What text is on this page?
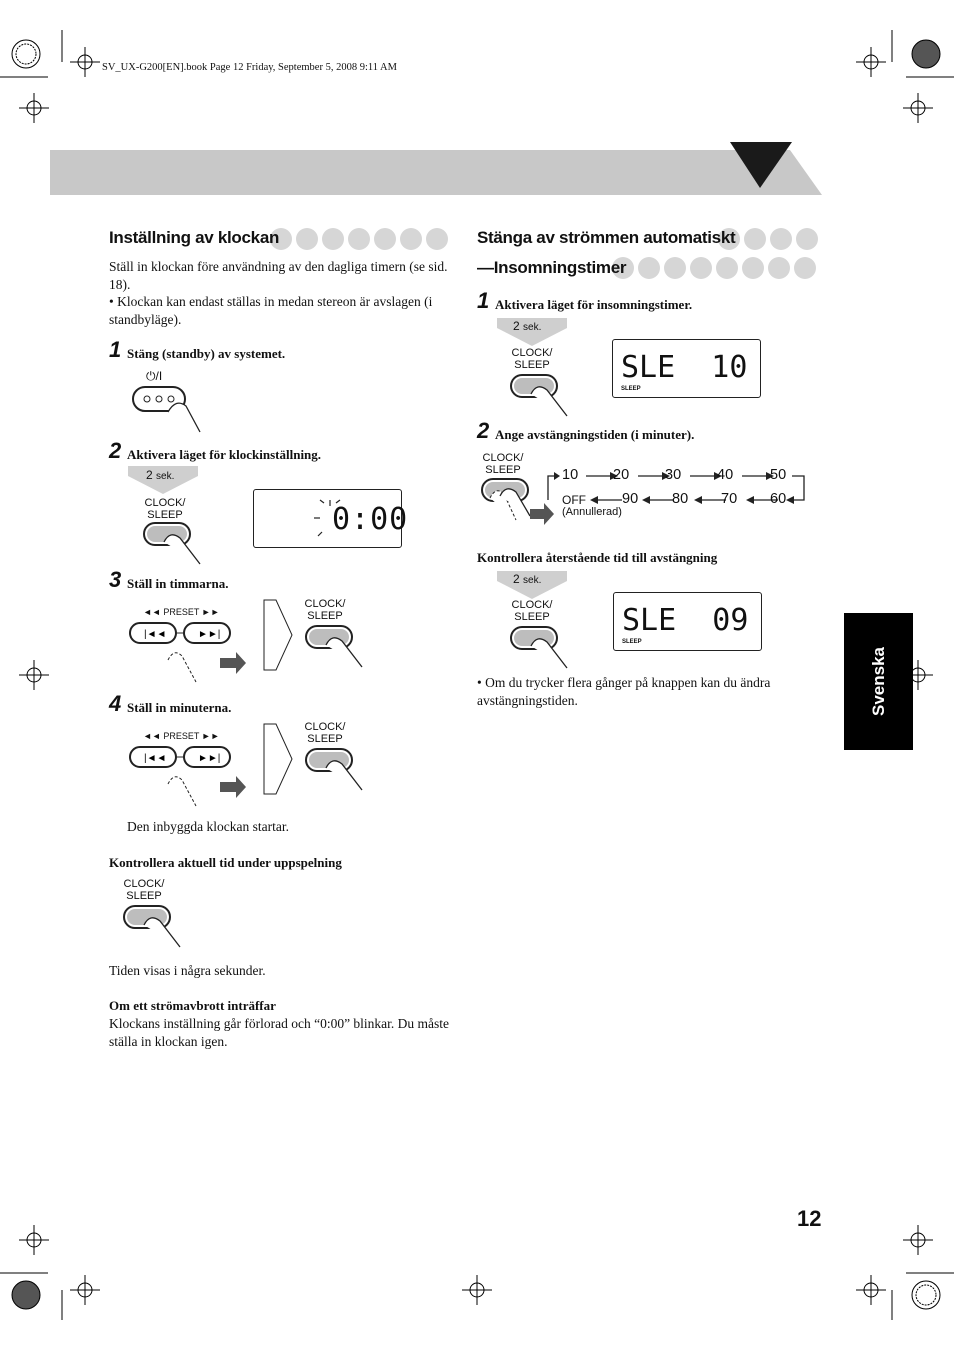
SV_UX-G200[EN].book Page 12 Friday, September 5, 2008 9:11 AM
Svenska
12
Inställning av klockan
Ställ in klockan före användning av den dagliga timern (se sid. 18).
• Klockan kan endast ställas in medan stereon är avslagen (i standbyläge).
1 Stäng (standby) av systemet.
⏻/I
2 Aktivera läget för klockinställning.
2 sek.
CLOCK/
SLEEP	0:00
3 Ställ in timmarna.
◄◄ PRESET ►►
|◄◄	►►|
CLOCK/
SLEEP
4 Ställ in minuterna.
◄◄ PRESET ►►
|◄◄	►►|
CLOCK/
SLEEP
Den inbyggda klockan startar.
Kontrollera aktuell tid under uppspelning
CLOCK/
SLEEP
Tiden visas i några sekunder.
Om ett strömavbrott inträffar
Klockans inställning går förlorad och “0:00” blinkar. Du måste ställa in klockan igen.
Stänga av strömmen automatiskt
—Insomningstimer
1 Aktivera läget för insomningstimer.
2 sek.
CLOCK/
SLEEP SLE  10
SLEEP
2 Ange avstängningstiden (i minuter).
CLOCK/
SLEEP	10 20 30 40	50
OFF 90 80 70 60
(Annullerad)
Kontrollera återstående tid till avstängning
2 sek.
CLOCK/
SLEEP SLE  09
SLEEP
• Om du trycker flera gånger på knappen kan du ändra avstängningstiden.
